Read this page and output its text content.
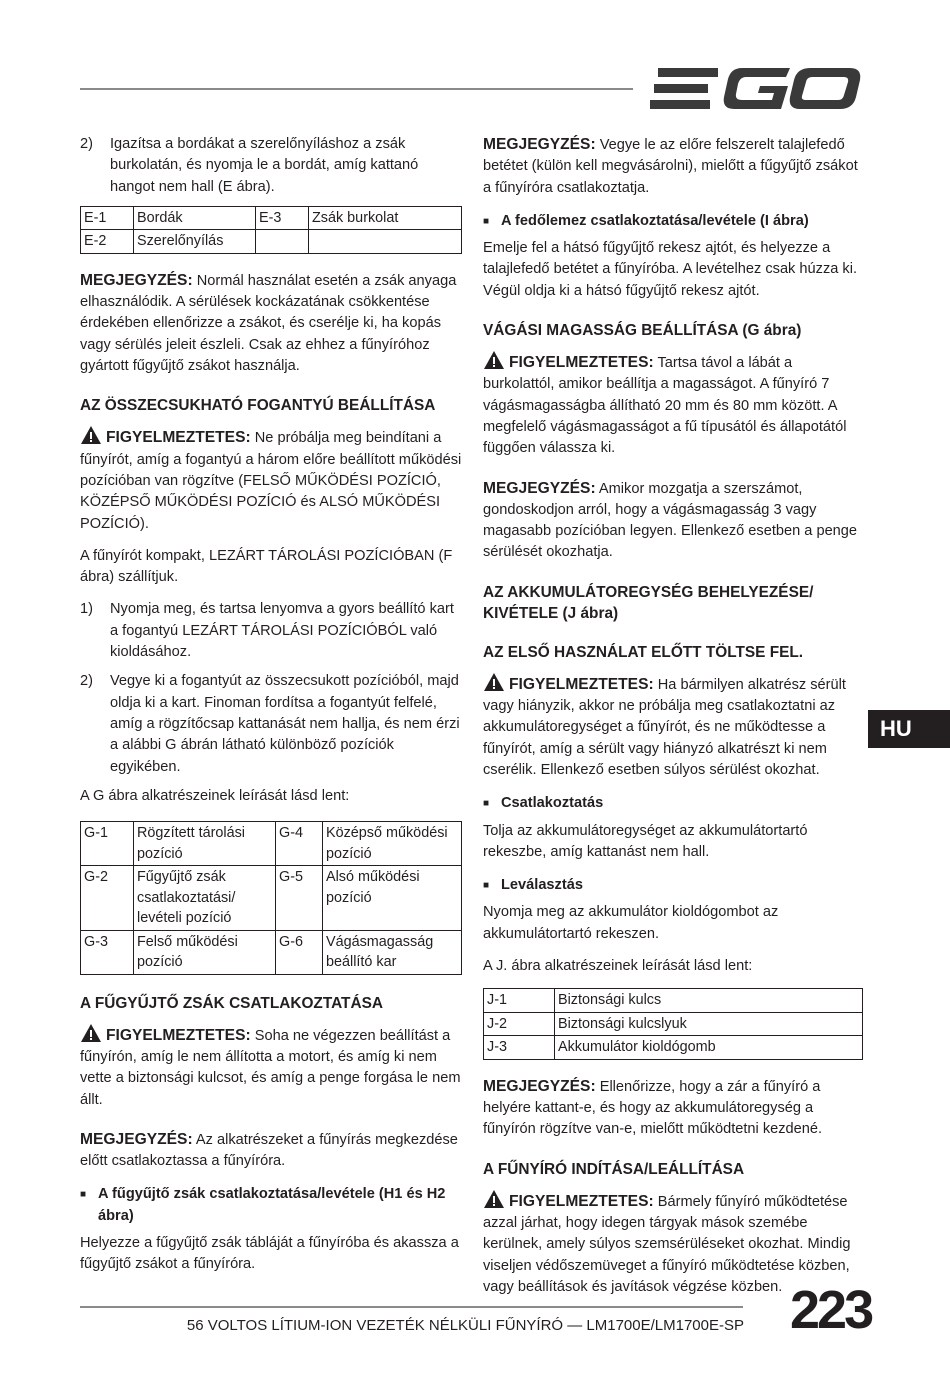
2)	Igazítsa a bordákat a szerelőnyíláshoz a zsák burkolatán, és nyomja le a bordát, amíg kattanó hangot nem hall (E ábra).
E-1	Bordák	E-3	Zsák burkolat
E-2	Szerelőnyílás		

MEGJEGYZÉS: Normál használat esetén a zsák anyaga elhasználódik. A sérülések kockázatának csökkentése érdekében ellenőrizze a zsákot, és cserélje ki, ha kopás vagy sérülés jeleit észleli. Csak az ehhez a fűnyíróhoz gyártott fűgyűjtő zsákot használja.

AZ ÖSSZECSUKHATÓ FOGANTYÚ BEÁLLÍTÁSA

FIGYELMEZTETES: Ne próbálja meg beindítani a fűnyírót, amíg a fogantyú a három előre beállított működési pozícióban van rögzítve (FELSŐ MŰKÖDÉSI POZÍCIÓ, KÖZÉPSŐ MŰKÖDÉSI POZÍCIÓ és ALSÓ MŰKÖDÉSI POZÍCIÓ).

A fűnyírót kompakt, LEZÁRT TÁROLÁSI POZÍCIÓBAN (F ábra) szállítjuk.

1)	Nyomja meg, és tartsa lenyomva a gyors beállító kart a fogantyú LEZÁRT TÁROLÁSI POZÍCIÓBÓL való kioldásához.
2)	Vegye ki a fogantyút az összecsukott pozícióból, majd oldja ki a kart. Finoman fordítsa a fogantyút felfelé, amíg a rögzítőcsap kattanását nem hallja, és nem érzi a alábbi G ábrán látható különböző pozíciók egyikében.

A G ábra alkatrészeinek leírását lásd lent:

G-1	Rögzített tárolási pozíció	G-4	Középső működési pozíció
G-2	Fűgyűjtő zsák csatlakoztatási/ levételi pozíció	G-5	Alsó működési pozíció
G-3	Felső működési pozíció	G-6	Vágásmagasság beállító kar
A FŰGYŰJTŐ ZSÁK CSATLAKOZTATÁSA

FIGYELMEZTETES: Soha ne végezzen beállítást a fűnyírón, amíg le nem állította a motort, és amíg ki nem vette a biztonsági kulcsot, és amíg a penge forgása le nem állt.

MEGJEGYZÉS: Az alkatrészeket a fűnyírás megkezdése előtt csatlakoztassa a fűnyíróra.

■ A fűgyűjtő zsák csatlakoztatása/levétele (H1 és H2 ábra)

Helyezze a fűgyűjtő zsák tábláját a fűnyíróba és akassza a fűgyűjtő zsákot a fűnyíróra.

MEGJEGYZÉS: Vegye le az előre felszerelt talajlefedő betétet (külön kell megvásárolni), mielőtt a fűgyűjtő zsákot a fűnyíróra csatlakoztatja.

■ A fedőlemez csatlakoztatása/levétele (I ábra)

Emelje fel a hátsó fűgyűjtő rekesz ajtót, és helyezze a talajlefedő betétet a fűnyíróba. A levételhez csak húzza ki. Végül oldja ki a hátsó fűgyűjtő rekesz ajtót.

VÁGÁSI MAGASSÁG BEÁLLÍTÁSA (G ábra)

FIGYELMEZTETES: Tartsa távol a lábát a burkolattól, amikor beállítja a magasságot. A fűnyíró 7 vágásmagasságba állítható 20 mm és 80 mm között. A megfelelő vágásmagasságot a fű típusától és állapotától függően válassza ki.

MEGJEGYZÉS: Amikor mozgatja a szerszámot, gondoskodjon arról, hogy a vágásmagasság 3 vagy magasabb pozícióban legyen. Ellenkező esetben a penge sérülését okozhatja.

AZ AKKUMULÁTOREGYSÉG BEHELYEZÉSE/ KIVÉTELE (J ábra)
AZ ELSŐ HASZNÁLAT ELŐTT TÖLTSE FEL.

FIGYELMEZTETES: Ha bármilyen alkatrész sérült vagy hiányzik, akkor ne próbálja meg csatlakoztatni az akkumulátoregységet a fűnyírót, és ne működtesse a fűnyírót, amíg a sérült vagy hiányzó alkatrészt ki nem cserélik. Ellenkező esetben súlyos sérülést okozhat.

■ Csatlakoztatás

Tolja az akkumulátoregységet az akkumulátortartó rekeszbe, amíg kattanást nem hall.

■ Leválasztás

Nyomja meg az akkumulátor kioldógombot az akkumulátortartó rekeszen.

A J. ábra alkatrészeinek leírását lásd lent:

J-1	Biztonsági kulcs
J-2	Biztonsági kulcslyuk
J-3	Akkumulátor kioldógomb

MEGJEGYZÉS: Ellenőrizze, hogy a zár a fűnyíró a helyére kattant-e, és hogy az akkumulátoregység a fűnyírón rögzítve van-e, mielőtt működtetni kezdené.

A FŰNYÍRÓ INDÍTÁSA/LEÁLLÍTÁSA

FIGYELMEZTETES: Bármely fűnyíró működtetése azzal járhat, hogy idegen tárgyak mások szemébe kerülnek, amely súlyos szemsérüléseket okozhat. Mindig viseljen védőszemüveget a fűnyíró működtetése közben, vagy beállítások és javítások végzése közben.

HU
56 VOLTOS LÍTIUM-ION VEZETÉK NÉLKÜLI FŰNYÍRÓ — LM1700E/LM1700E-SP 223
